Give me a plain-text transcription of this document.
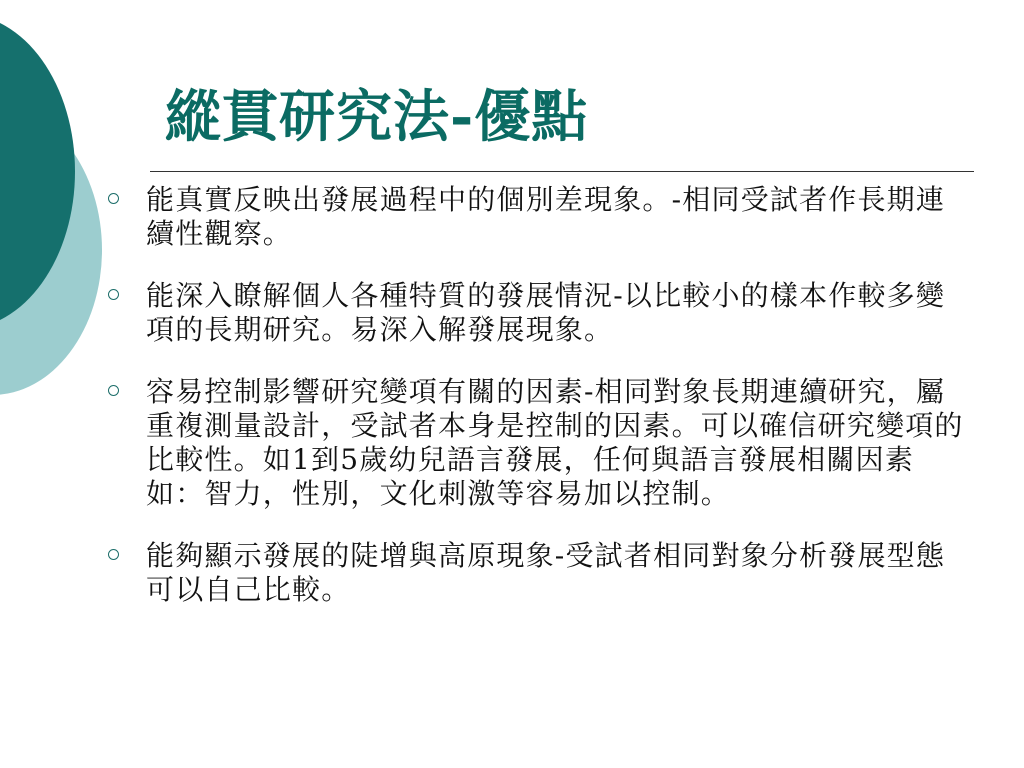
縱貫研究法-優點
能真實反映出發展過程中的個別差現象。-相同受試者作長期連續性觀察。
能深入瞭解個人各種特質的發展情況-以比較小的樣本作較多變項的長期研究。易深入解發展現象。
容易控制影響研究變項有關的因素-相同對象長期連續研究，屬重複測量設計，受試者本身是控制的因素。可以確信研究變項的比較性。如1到5歲幼兒語言發展，任何與語言發展相關因素如：智力，性別，文化刺激等容易加以控制。
能夠顯示發展的陡增與高原現象-受試者相同對象分析發展型態可以自己比較。
